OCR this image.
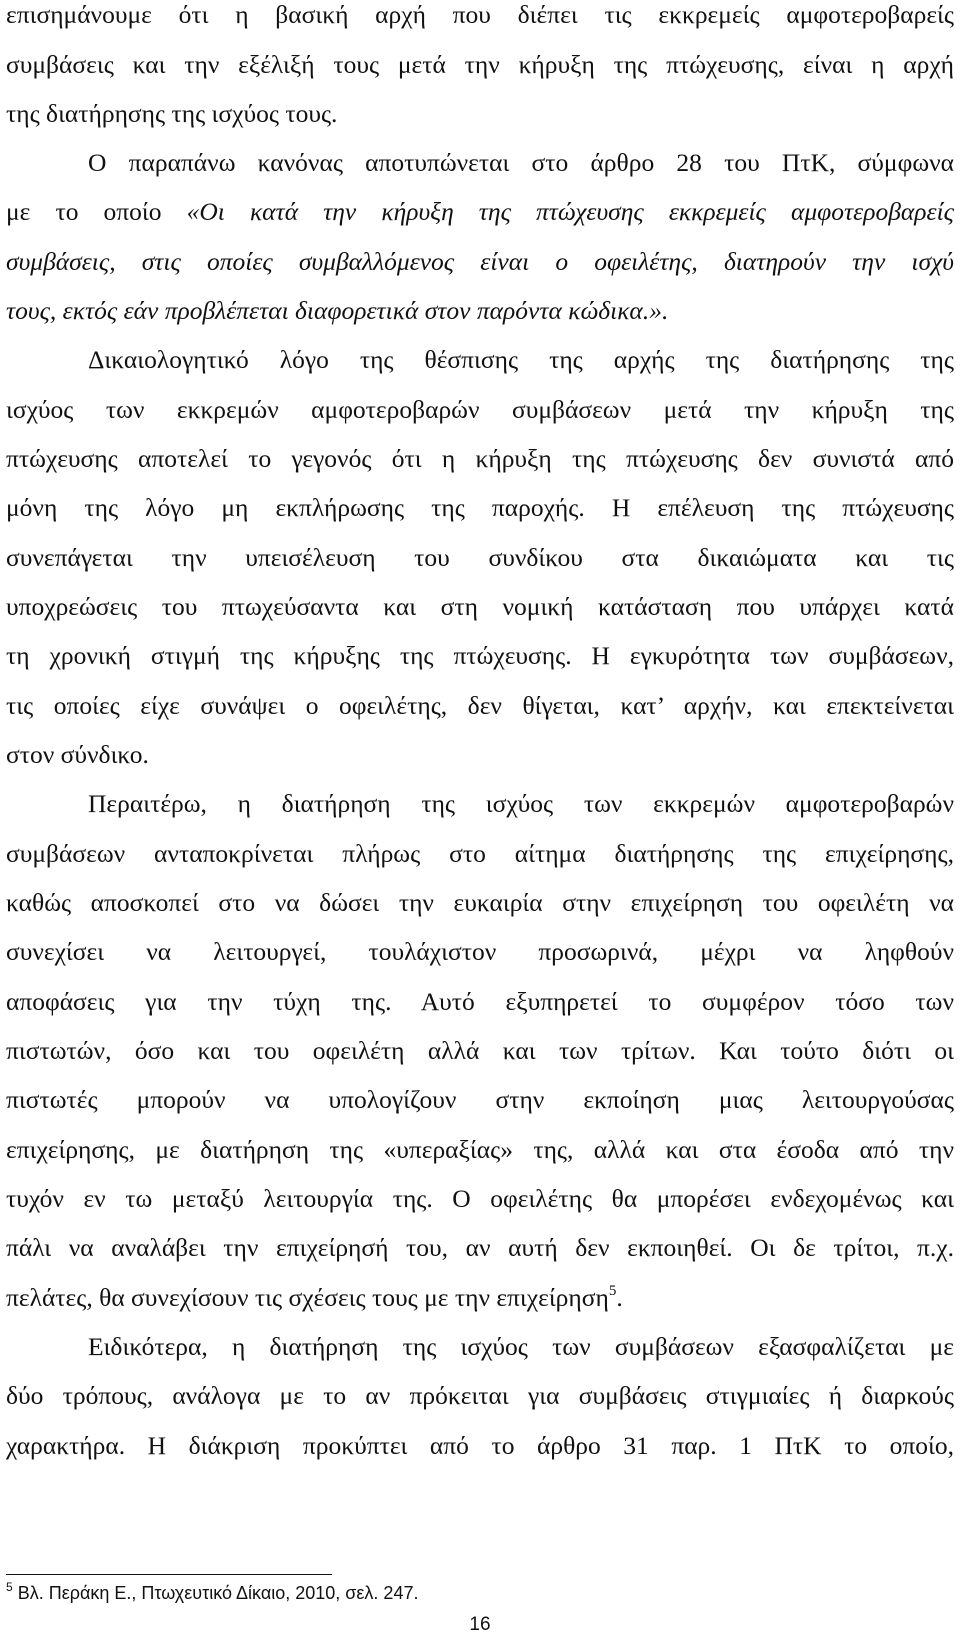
επισημάνουμε ότι η βασική αρχή που διέπει τις εκκρεμείς αμφοτεροβαρείς
συμβάσεις και την εξέλιξή τους μετά την κήρυξη της πτώχευσης, είναι η αρχή
της διατήρησης της ισχύος τους.
Ο παραπάνω κανόνας αποτυπώνεται στο άρθρο 28 του ΠτΚ, σύμφωνα
με το οποίο «Οι κατά την κήρυξη της πτώχευσης εκκρεμείς αμφοτεροβαρείς
συμβάσεις, στις οποίες συμβαλλόμενος είναι ο οφειλέτης, διατηρούν την ισχύ
τους, εκτός εάν προβλέπεται διαφορετικά στον παρόντα κώδικα.».
Δικαιολογητικό λόγο της θέσπισης της αρχής της διατήρησης της
ισχύος των εκκρεμών αμφοτεροβαρών συμβάσεων μετά την κήρυξη της
πτώχευσης αποτελεί το γεγονός ότι η κήρυξη της πτώχευσης δεν συνιστά από
μόνη της λόγο μη εκπλήρωσης της παροχής. Η επέλευση της πτώχευσης
συνεπάγεται την υπεισέλευση του συνδίκου στα δικαιώματα και τις
υποχρεώσεις του πτωχεύσαντα και στη νομική κατάσταση που υπάρχει κατά
τη χρονική στιγμή της κήρυξης της πτώχευσης. Η εγκυρότητα των συμβάσεων,
τις οποίες είχε συνάψει ο οφειλέτης, δεν θίγεται, κατ’ αρχήν, και επεκτείνεται
στον σύνδικο.
Περαιτέρω, η διατήρηση της ισχύος των εκκρεμών αμφοτεροβαρών
συμβάσεων ανταποκρίνεται πλήρως στο αίτημα διατήρησης της επιχείρησης,
καθώς αποσκοπεί στο να δώσει την ευκαιρία στην επιχείρηση του οφειλέτη να
συνεχίσει να λειτουργεί, τουλάχιστον προσωρινά, μέχρι να ληφθούν
αποφάσεις για την τύχη της. Αυτό εξυπηρετεί το συμφέρον τόσο των
πιστωτών, όσο και του οφειλέτη αλλά και των τρίτων. Και τούτο διότι οι
πιστωτές μπορούν να υπολογίζουν στην εκποίηση μιας λειτουργούσας
επιχείρησης, με διατήρηση της «υπεραξίας» της, αλλά και στα έσοδα από την
τυχόν εν τω μεταξύ λειτουργία της. Ο οφειλέτης θα μπορέσει ενδεχομένως και
πάλι να αναλάβει την επιχείρησή του, αν αυτή δεν εκποιηθεί. Οι δε τρίτοι, π.χ.
πελάτες, θα συνεχίσουν τις σχέσεις τους με την επιχείρηση$^5$.
Ειδικότερα, η διατήρηση της ισχύος των συμβάσεων εξασφαλίζεται με
δύο τρόπους, ανάλογα με το αν πρόκειται για συμβάσεις στιγμιαίες ή διαρκούς
χαρακτήρα. Η διάκριση προκύπτει από το άρθρο 31 παρ. 1 ΠτΚ το οποίο,
$^5$ Βλ. Περάκη Ε., Πτωχευτικό Δίκαιο, 2010, σελ. 247.
16
